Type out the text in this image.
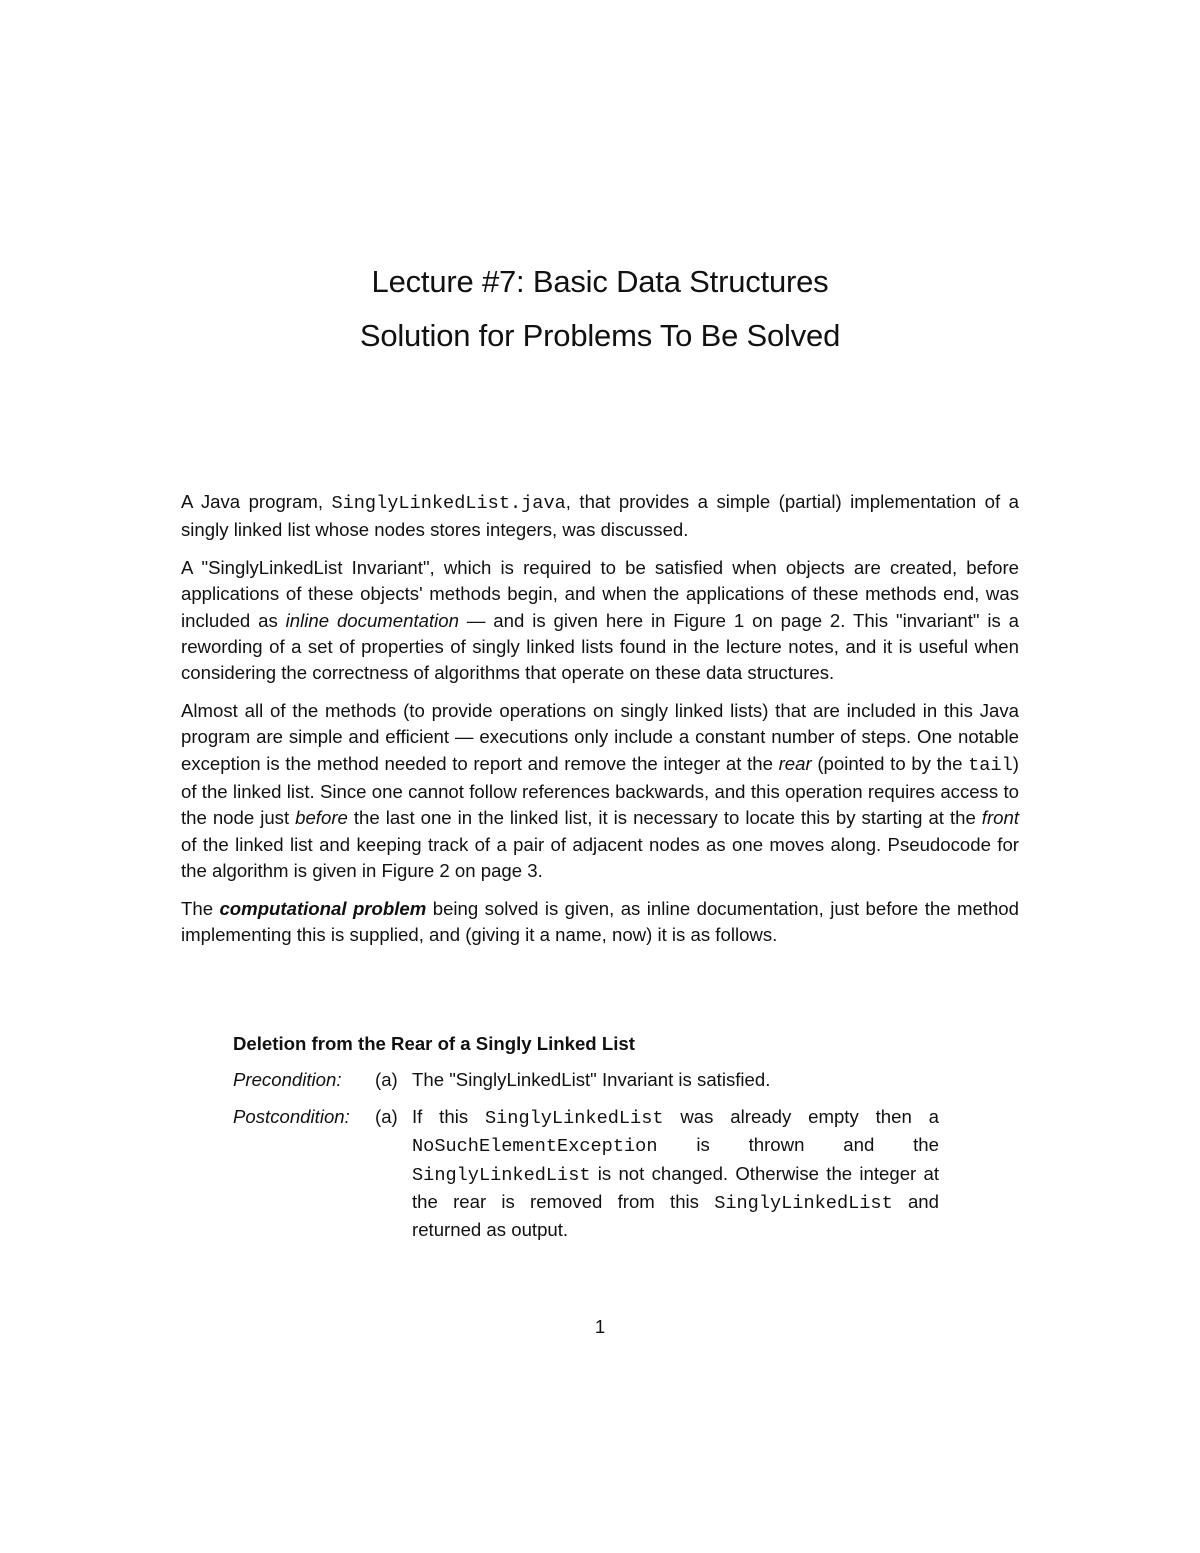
Lecture #7: Basic Data Structures
Solution for Problems To Be Solved

A Java program, SinglyLinkedList.java, that provides a simple (partial) implementation of a singly linked list whose nodes stores integers, was discussed.

A "SinglyLinkedList Invariant", which is required to be satisfied when objects are created, before applications of these objects' methods begin, and when the applications of these methods end, was included as inline documentation — and is given here in Figure 1 on page 2. This "invariant" is a rewording of a set of properties of singly linked lists found in the lecture notes, and it is useful when considering the correctness of algorithms that operate on these data structures.

Almost all of the methods (to provide operations on singly linked lists) that are included in this Java program are simple and efficient — executions only include a constant number of steps. One notable exception is the method needed to report and remove the integer at the rear (pointed to by the tail) of the linked list. Since one cannot follow references backwards, and this operation requires access to the node just before the last one in the linked list, it is necessary to locate this by starting at the front of the linked list and keeping track of a pair of adjacent nodes as one moves along. Pseudocode for the algorithm is given in Figure 2 on page 3.

The computational problem being solved is given, as inline documentation, just before the method implementing this is supplied, and (giving it a name, now) it is as follows.

Deletion from the Rear of a Singly Linked List
Precondition:	(a) The "SinglyLinkedList" Invariant is satisfied.
Postcondition:	(a) If this SinglyLinkedList was already empty then a NoSuchElementException is thrown and the SinglyLinkedList is not changed. Otherwise the integer at the rear is removed from this SinglyLinkedList and returned as output.
1
